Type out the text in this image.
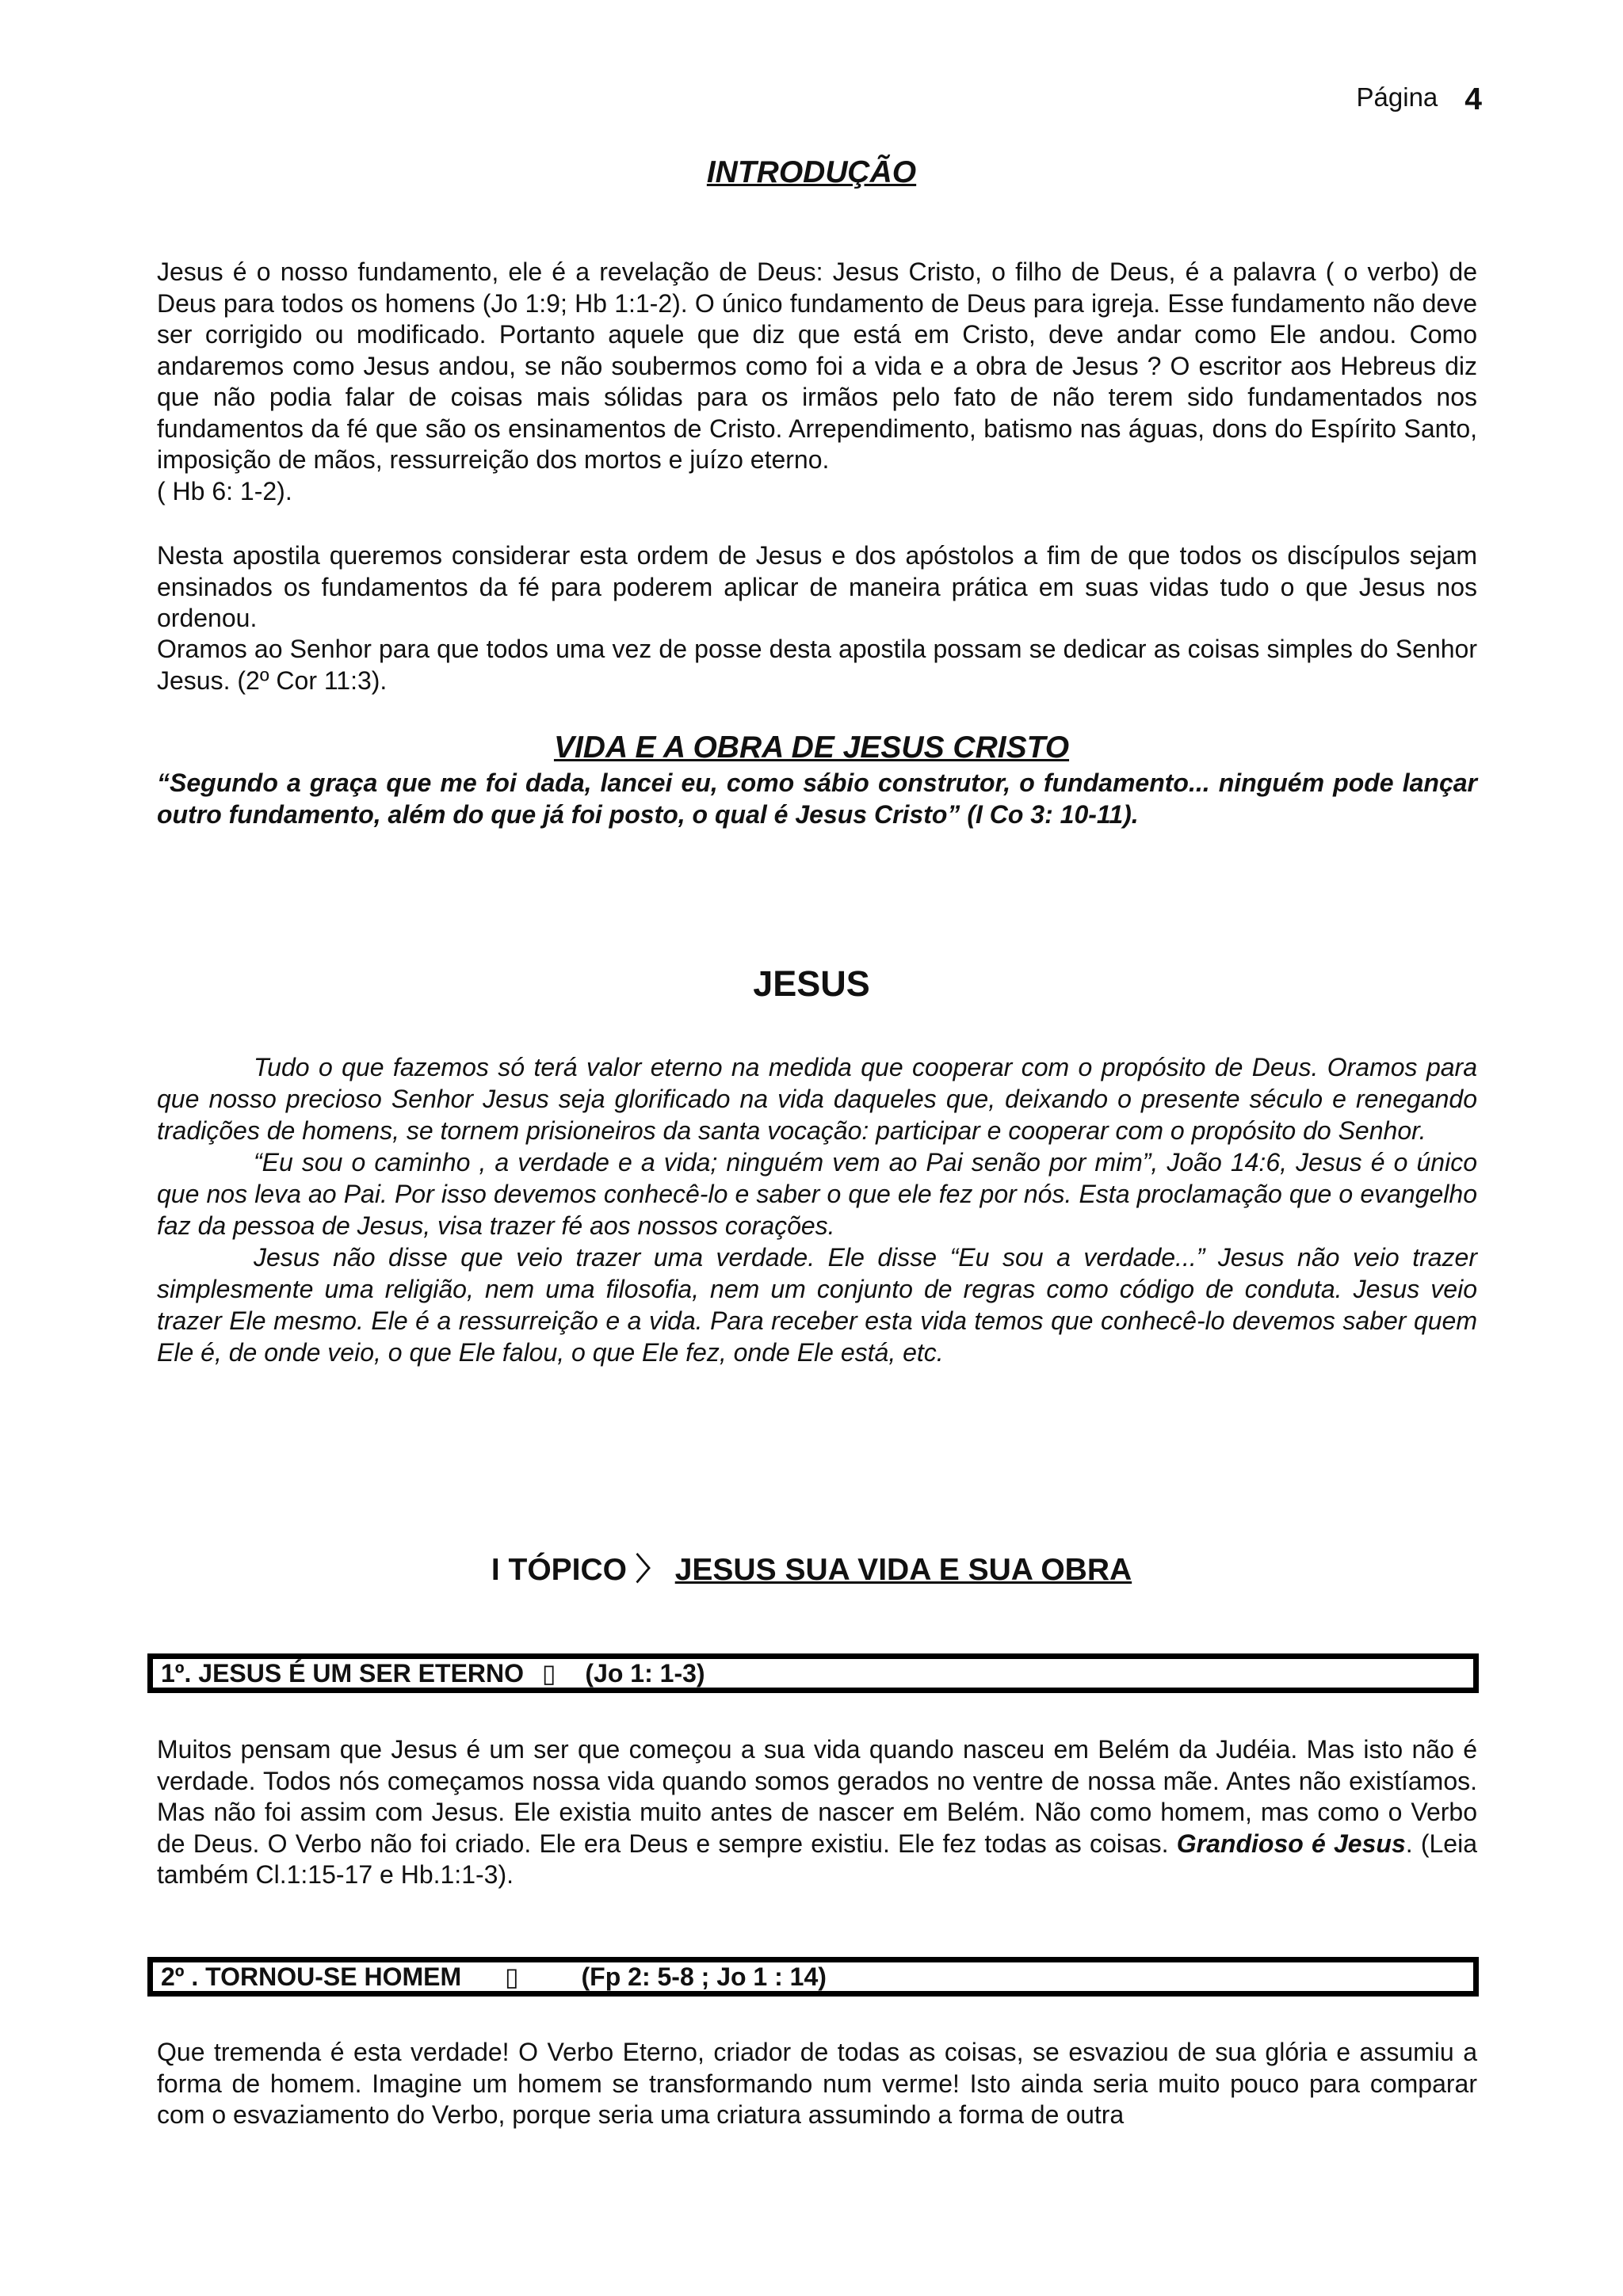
Página 4
INTRODUÇÃO
Jesus é o nosso fundamento, ele é a revelação de Deus: Jesus Cristo, o filho de Deus, é a palavra ( o verbo) de Deus para todos os homens (Jo 1:9; Hb 1:1-2). O único fundamento de Deus para igreja. Esse fundamento não deve ser corrigido ou modificado. Portanto aquele que diz que está em Cristo, deve andar como Ele andou. Como andaremos como Jesus andou, se não soubermos como foi a vida e a obra de Jesus ? O escritor aos Hebreus diz que não podia falar de coisas mais sólidas para os irmãos pelo fato de não terem sido fundamentados nos fundamentos da fé que são os ensinamentos de Cristo. Arrependimento, batismo nas águas, dons do Espírito Santo, imposição de mãos, ressurreição dos mortos e juízo eterno.
( Hb 6: 1-2).

Nesta apostila queremos considerar esta ordem de Jesus e dos apóstolos a fim de que todos os discípulos sejam ensinados os fundamentos da fé para poderem aplicar de maneira prática em suas vidas tudo o que Jesus nos ordenou.

Oramos ao Senhor para que todos uma vez de posse desta apostila possam se dedicar as coisas simples do Senhor Jesus. (2º Cor 11:3).

VIDA E A OBRA DE JESUS CRISTO

“Segundo a graça que me foi dada, lancei eu, como sábio construtor, o fundamento... ninguém pode lançar outro fundamento, além do que já foi posto, o qual é Jesus Cristo” (I Co 3: 10-11).

JESUS

Tudo o que fazemos só terá valor eterno na medida que cooperar com o propósito de Deus. Oramos para que nosso precioso Senhor Jesus seja glorificado na vida daqueles que, deixando o presente século e renegando tradições de homens, se tornem prisioneiros da santa vocação: participar e cooperar com o propósito do Senhor.

“Eu sou o caminho , a verdade e a vida; ninguém vem ao Pai senão por mim”, João 14:6, Jesus é o único que nos leva ao Pai. Por isso devemos conhecê-lo e saber o que ele fez por nós. Esta proclamação que o evangelho faz da pessoa de Jesus, visa trazer fé aos nossos corações.

Jesus não disse que veio trazer uma verdade. Ele disse “Eu sou a verdade...” Jesus não veio trazer simplesmente uma religião, nem uma filosofia, nem um conjunto de regras como código de conduta. Jesus veio trazer Ele mesmo. Ele é a ressurreição e a vida. Para receber esta vida temos que conhecê-lo devemos saber quem Ele é, de onde veio, o que Ele falou, o que Ele fez, onde Ele está, etc.

I TÓPICO 〉 JESUS SUA VIDA E SUA OBRA
1º. JESUS É UM SER ETERNO ▯ (Jo 1: 1-3)

Muitos pensam que Jesus é um ser que começou a sua vida quando nasceu em Belém da Judéia. Mas isto não é verdade. Todos nós começamos nossa vida quando somos gerados no ventre de nossa mãe. Antes não existíamos. Mas não foi assim com Jesus. Ele existia muito antes de nascer em Belém. Não como homem, mas como o Verbo de Deus. O Verbo não foi criado. Ele era Deus e sempre existiu. Ele fez todas as coisas. Grandioso é Jesus. (Leia também Cl.1:15-17 e Hb.1:1-3).

2º . TORNOU-SE HOMEM ▯ (Fp 2: 5-8 ; Jo 1 : 14)

Que tremenda é esta verdade! O Verbo Eterno, criador de todas as coisas, se esvaziou de sua glória e assumiu a forma de homem. Imagine um homem se transformando num verme! Isto ainda seria muito pouco para comparar com o esvaziamento do Verbo, porque seria uma criatura assumindo a forma de outra
